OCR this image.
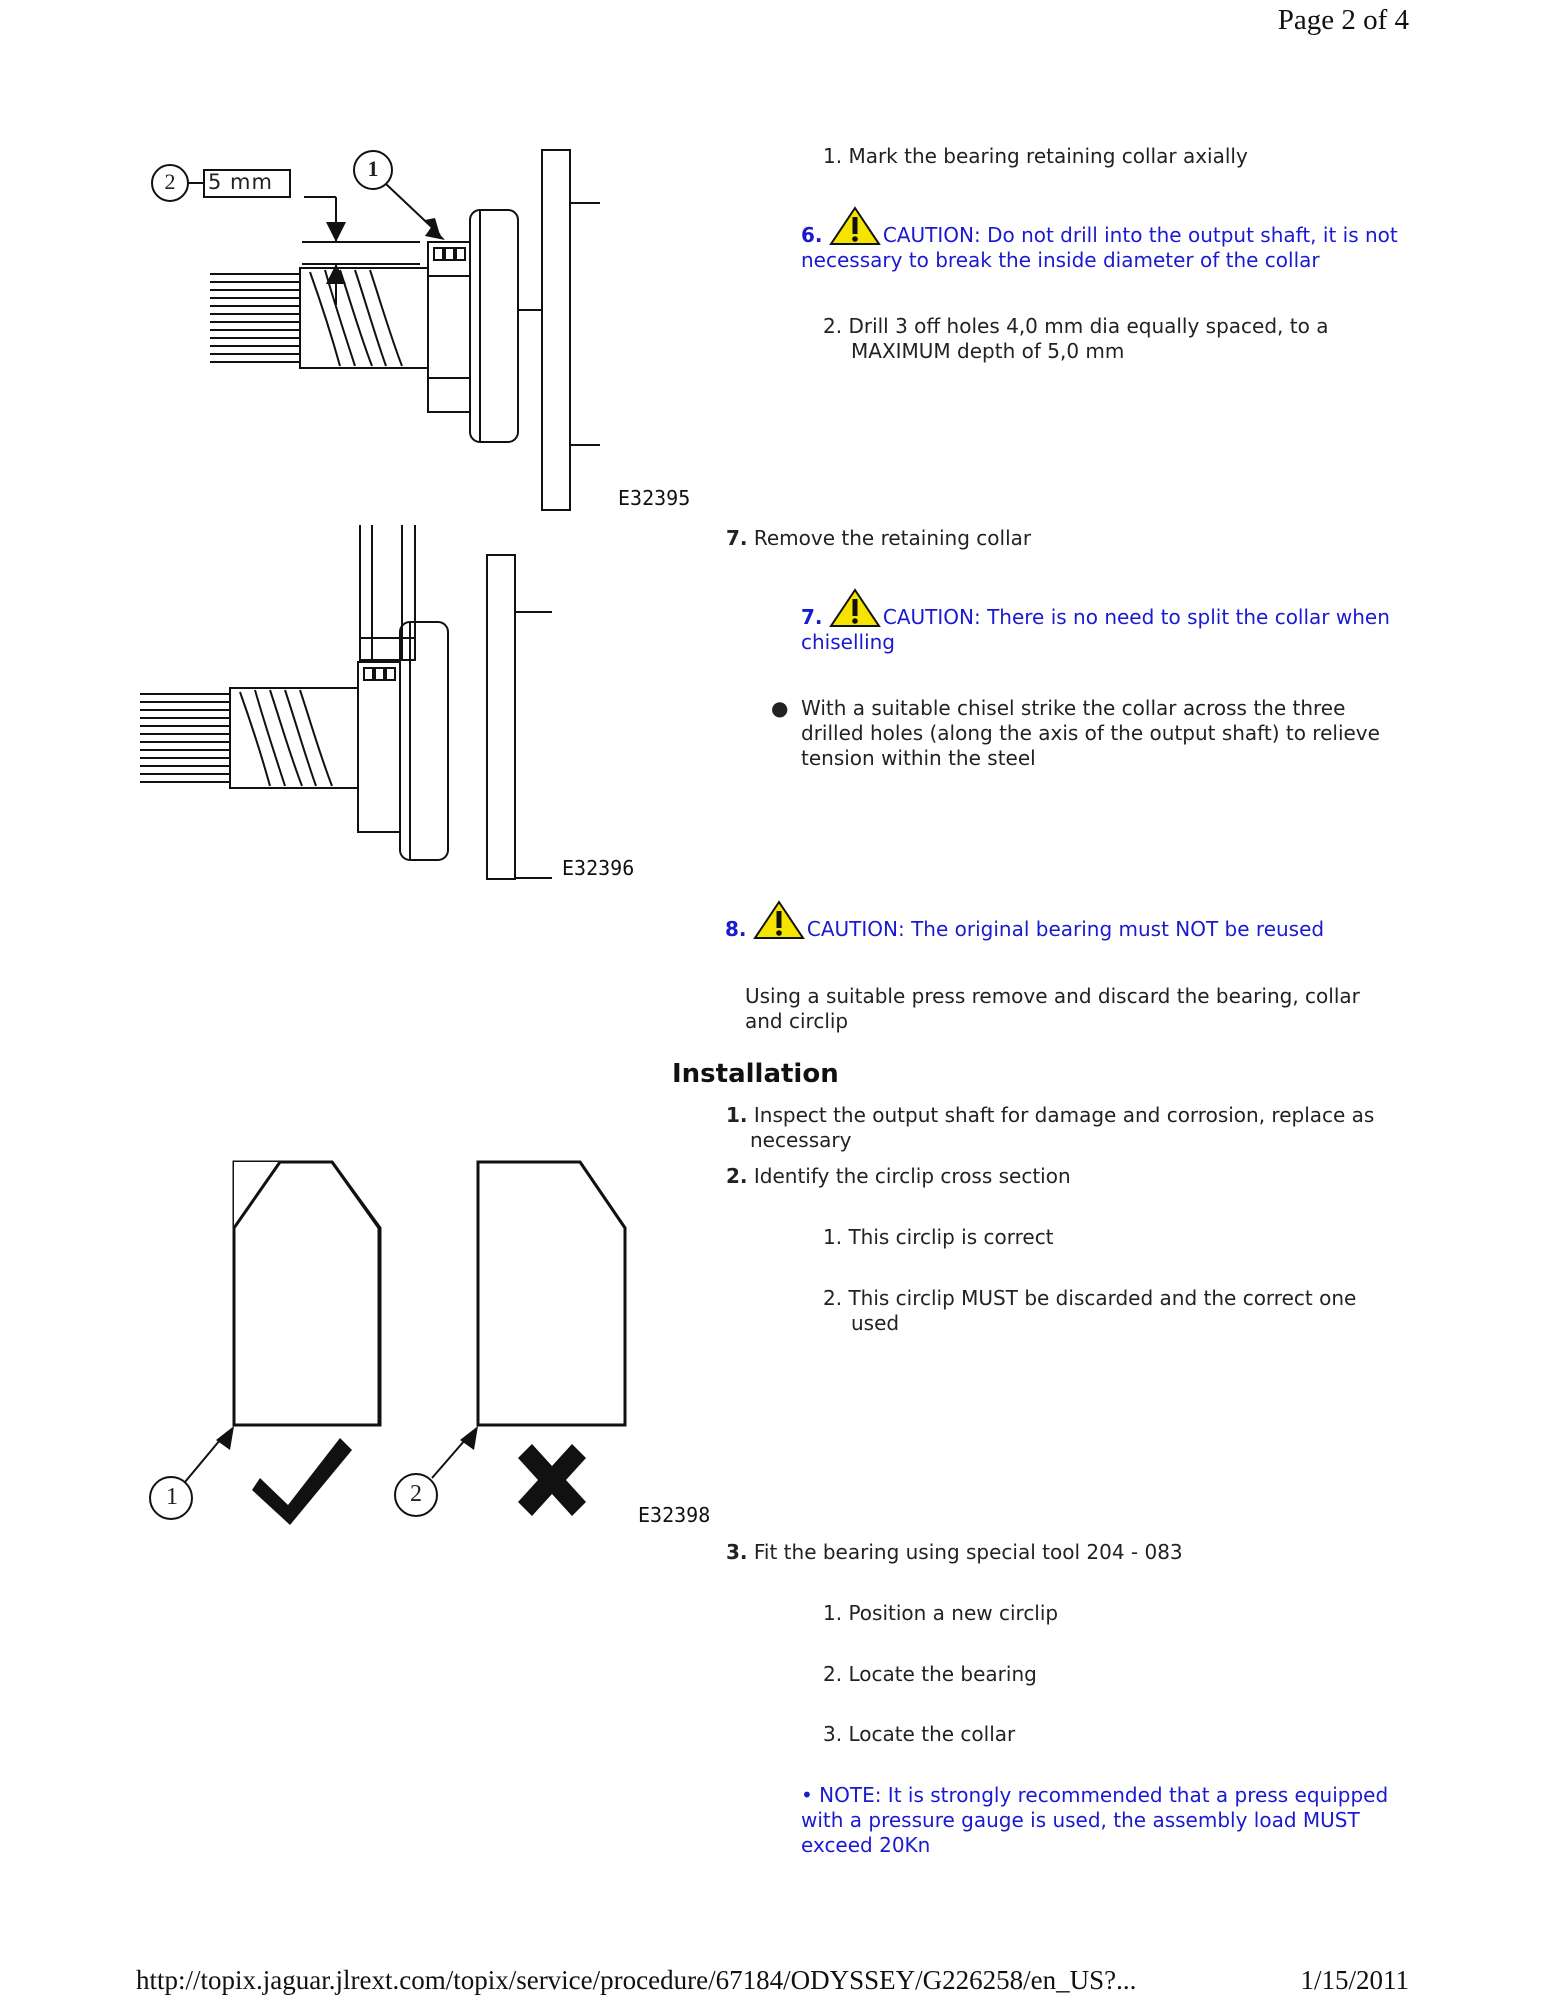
Page 2 of 4
2 5 mm
1
E32395
E32396
1	2
E32398
1. Mark the bearing retaining collar axially
6.	CAUTION: Do not drill into the output shaft, it is not necessary to break the inside diameter of the collar
2. Drill 3 off holes 4,0 mm dia equally spaced, to a
MAXIMUM depth of 5,0 mm
7. Remove the retaining collar
7.	CAUTION: There is no need to split the collar when chiselling
● With a suitable chisel strike the collar across the three drilled holes (along the axis of the output shaft) to relieve tension within the steel
8.	CAUTION: The original bearing must NOT be reused
Using a suitable press remove and discard the bearing, collar and circlip
Installation
1. Inspect the output shaft for damage and corrosion, replace as
necessary
2. Identify the circlip cross section
1. This circlip is correct
2. This circlip MUST be discarded and the correct one
used
3. Fit the bearing using special tool 204 - 083
1. Position a new circlip
2. Locate the bearing
3. Locate the collar
• NOTE: It is strongly recommended that a press equipped with a pressure gauge is used, the assembly load MUST exceed 20Kn
http://topix.jaguar.jlrext.com/topix/service/procedure/67184/ODYSSEY/G226258/en_US?...	1/15/2011
